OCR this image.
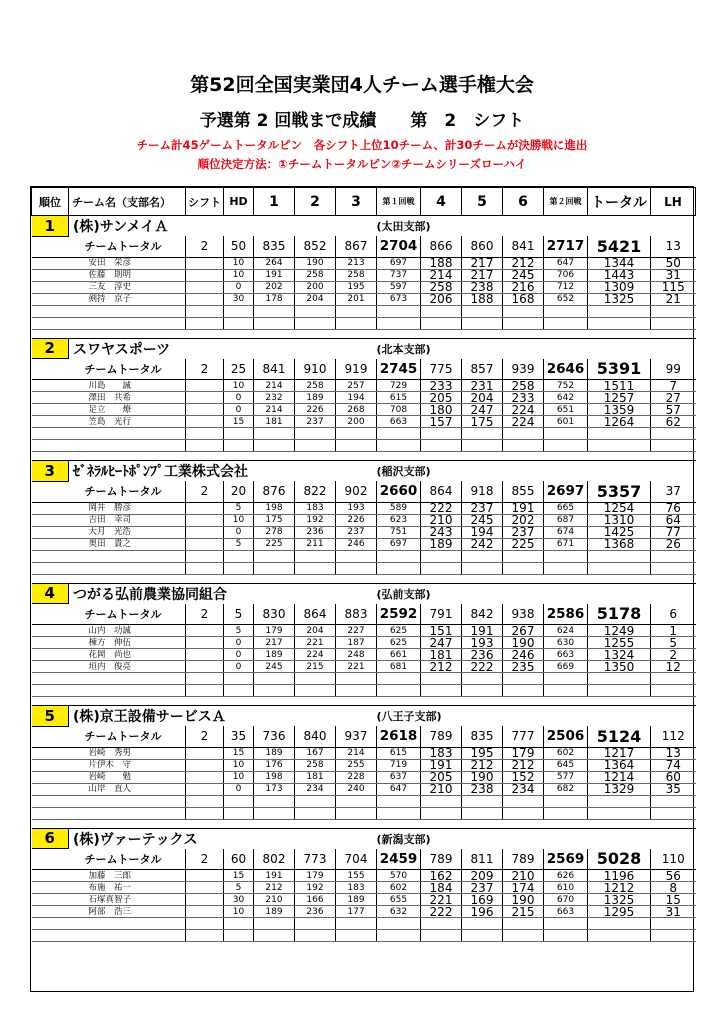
第52回全国実業団4人チーム選手権大会
予選第 2 回戦まで成績　　第　2　シフト
チーム計45ゲームトータルピン　各シフト上位10チーム、計30チームが決勝戦に進出
順位決定方法：①チームトータルピン②チームシリーズローハイ
順位	チーム名（支部名）	シフト	HD	1	2	3	第１回戦	4	5	6	第２回戦	トータル	LH
1	(株)サンメイＡ						(太田支部)						
	チームトータル	2	50	835	852	867	2704	866	860	841	2717	5421	13
	安田　栄彦		10	264	190	213	697	188	217	212	647	1344	50
	佐藤　則明		10	191	258	258	737	214	217	245	706	1443	31
	三友　淳史		0	202	200	195	597	258	238	216	712	1309	115
	剣持　京子		30	178	204	201	673	206	188	168	652	1325	21

2	スワヤスポーツ						(北本支部)						
	チームトータル	2	25	841	910	919	2745	775	857	939	2646	5391	99
	川島　　誠		10	214	258	257	729	233	231	258	752	1511	7
	澤田　共希		0	232	189	194	615	205	204	233	642	1257	27
	足立　　燎		0	214	226	268	708	180	247	224	651	1359	57
	笠島　光行		15	181	237	200	663	157	175	224	601	1264	62

3	ｾﾞﾈﾗﾙﾋｰﾄﾎﾟﾝﾌﾟ工業株式会社						(稲沢支部)						
	チームトータル	2	20	876	822	902	2660	864	918	855	2697	5357	37
	岡井　勝彦		5	198	183	193	589	222	237	191	665	1254	76
	吉田　幸司		10	175	192	226	623	210	245	202	687	1310	64
	大月　光浩		0	278	236	237	751	243	194	237	674	1425	77
	奥田　貴之		5	225	211	246	697	189	242	225	671	1368	26

4	つがる弘前農業協同組合						(弘前支部)						
	チームトータル	2	5	830	864	883	2592	791	842	938	2586	5178	6
	山内　功誠		5	179	204	227	625	151	191	267	624	1249	1
	棟方　伸伍		0	217	221	187	625	247	193	190	630	1255	5
	花岡　尚也		0	189	224	248	661	181	236	246	663	1324	2
	垣内　俊亮		0	245	215	221	681	212	222	235	669	1350	12

5	(株)京王設備サービスＡ						(八王子支部)						
	チームトータル	2	35	736	840	937	2618	789	835	777	2506	5124	112
	岩崎　秀男		15	189	167	214	615	183	195	179	602	1217	13
	片伊木　守		10	176	258	255	719	191	212	212	645	1364	74
	岩崎　　勉		10	198	181	228	637	205	190	152	577	1214	60
	山岸　直人		0	173	234	240	647	210	238	234	682	1329	35

6	(株)ヴァーテックス						(新潟支部)						
	チームトータル	2	60	802	773	704	2459	789	811	789	2569	5028	110
	加藤　三郎		15	191	179	155	570	162	209	210	626	1196	56
	布施　祐一		5	212	192	183	602	184	237	174	610	1212	8
	石塚真智子		30	210	166	189	655	221	169	190	670	1325	15
	阿部　浩三		10	189	236	177	632	222	196	215	663	1295	31
